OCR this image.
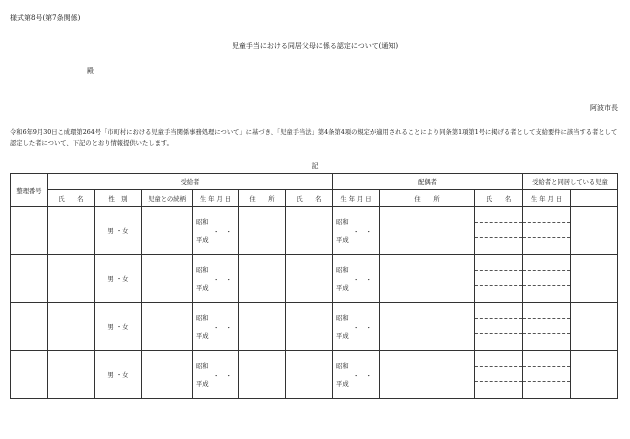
様式第8号(第7条関係)
児童手当における同居父母に係る認定について(通知)
殿
阿波市長
令和6年9月30日こ成環第264号「市町村における児童手当関係事務処理について」に基づき、「児童手当法」第4条第4項の規定が適用されることにより同条第1項第1号に掲げる者として支給要件に該当する者として認定した者について、下記のとおり情報提供いたします。
記
整理番号	受給者						配偶者			受給者と同居している児童	
	氏　　名	性　別	児童との続柄	生 年 月 日	住　　所	氏　　名	生 年 月 日	住　　所	氏　　名	生 年 月 日		
		男 ・女		昭和
・　・
平成			昭和
・　・
平成					

		男 ・女		昭和
・　・
平成			昭和
・　・
平成					

		男 ・女		昭和
・　・
平成			昭和
・　・
平成					

		男 ・女		昭和
・　・
平成			昭和
・　・
平成					
